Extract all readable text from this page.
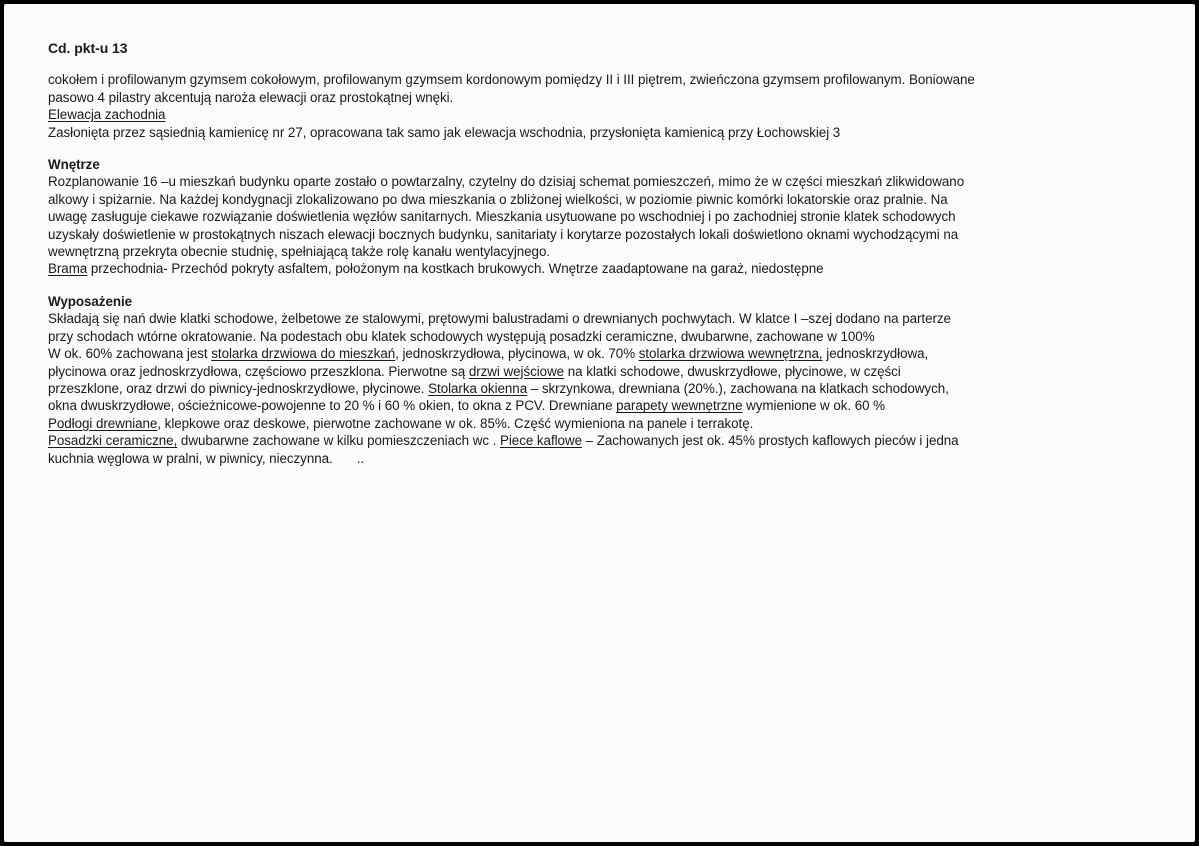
Cd. pkt-u 13

cokołem i profilowanym gzymsem cokołowym, profilowanym gzymsem kordonowym pomiędzy II i III piętrem, zwieńczona gzymsem profilowanym. Boniowane
pasowo 4 pilastry akcentują naroża elewacji oraz prostokątnej wnęki.
Elewacja zachodnia
Zasłonięta przez sąsiednią kamienicę nr 27, opracowana tak samo jak elewacja wschodnia, przysłonięta kamienicą przy Łochowskiej 3

Wnętrze
Rozplanowanie 16 –u mieszkań budynku oparte zostało o powtarzalny, czytelny do dzisiaj schemat pomieszczeń, mimo że w części mieszkań zlikwidowano
alkowy i spiżarnie. Na każdej kondygnacji zlokalizowano po dwa mieszkania o zbliżonej wielkości, w poziomie piwnic komórki lokatorskie oraz pralnie. Na
uwagę zasługuje ciekawe rozwiązanie doświetlenia węzłów sanitarnych. Mieszkania usytuowane po wschodniej i po zachodniej stronie klatek schodowych
uzyskały doświetlenie w prostokątnych niszach elewacji bocznych budynku, sanitariaty i korytarze pozostałych lokali doświetlono oknami wychodzącymi na
wewnętrzną przekryta obecnie studnię, spełniającą także rolę kanału wentylacyjnego.
Brama przechodnia- Przechód pokryty asfaltem, położonym na kostkach brukowych. Wnętrze zaadaptowane na garaż, niedostępne

Wyposażenie
Składają się nań dwie klatki schodowe, żelbetowe ze stalowymi, prętowymi balustradami o drewnianych pochwytach. W klatce I –szej dodano na parterze
przy schodach wtórne okratowanie. Na podestach obu klatek schodowych występują posadzki ceramiczne, dwubarwne, zachowane w 100%
W ok. 60% zachowana jest stolarka drzwiowa do mieszkań, jednoskrzydłowa, płycinowa, w ok. 70% stolarka drzwiowa wewnętrzna, jednoskrzydłowa,
płycinowa oraz jednoskrzydłowa, częściowo przeszklona. Pierwotne są drzwi wejściowe na klatki schodowe, dwuskrzydłowe, płycinowe, w części
przeszklone, oraz drzwi do piwnicy-jednoskrzydłowe, płycinowe. Stolarka okienna – skrzynkowa, drewniana (20%.), zachowana na klatkach schodowych,
okna dwuskrzydłowe, ościeżnicowe-powojenne to 20 % i 60 % okien, to okna z PCV. Drewniane parapety wewnętrzne wymienione w ok. 60 %
Podłogi drewniane, klepkowe oraz deskowe, pierwotne zachowane w ok. 85%. Część wymieniona na panele i terrakotę.
Posadzki ceramiczne, dwubarwne zachowane w kilku pomieszczeniach wc . Piece kaflowe – Zachowanych jest ok. 45% prostych kaflowych pieców i jedna
kuchnia węglowa w pralni, w piwnicy, nieczynna. ..
